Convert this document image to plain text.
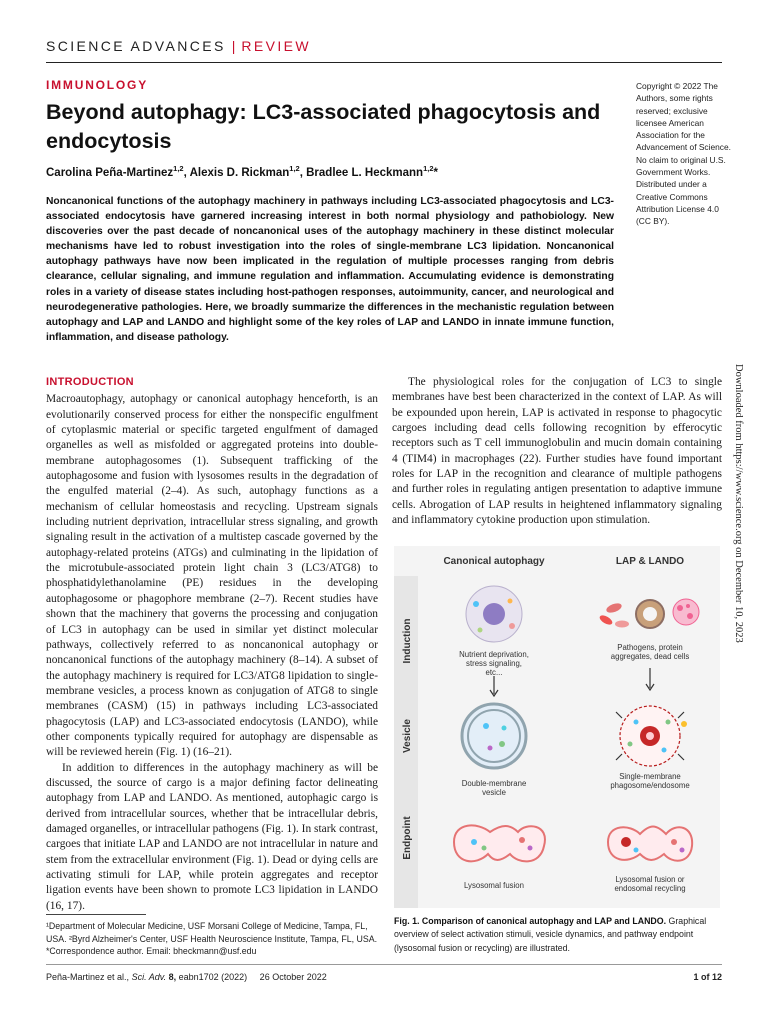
SCIENCE ADVANCES | REVIEW
IMMUNOLOGY
Beyond autophagy: LC3-associated phagocytosis and endocytosis
Carolina Peña-Martinez$^{1,2}$, Alexis D. Rickman$^{1,2}$, Bradlee L. Heckmann$^{1,2}$*
Copyright © 2022 The Authors, some rights reserved; exclusive licensee American Association for the Advancement of Science. No claim to original U.S. Government Works. Distributed under a Creative Commons Attribution License 4.0 (CC BY).
Noncanonical functions of the autophagy machinery in pathways including LC3-associated phagocytosis and LC3-associated endocytosis have garnered increasing interest in both normal physiology and pathobiology. New discoveries over the past decade of noncanonical uses of the autophagy machinery in these distinct molecular mechanisms have led to robust investigation into the roles of single-membrane LC3 lipidation. Noncanonical autophagy pathways have now been implicated in the regulation of multiple processes ranging from debris clearance, cellular signaling, and immune regulation and inflammation. Accumulating evidence is demonstrating roles in a variety of disease states including host-pathogen responses, autoimmunity, cancer, and neurological and neurodegenerative pathologies. Here, we broadly summarize the differences in the mechanistic regulation between autophagy and LAP and LANDO and highlight some of the key roles of LAP and LANDO in innate immune function, inflammation, and disease pathology.
Downloaded from https://www.science.org on December 10, 2023
INTRODUCTION

Macroautophagy, autophagy or canonical autophagy henceforth, is an evolutionarily conserved process for either the nonspecific engulfment of cytoplasmic material or specific targeted engulfment of damaged organelles as well as misfolded or aggregated proteins into double-membrane autophagosomes (1). Subsequent trafficking of the autophagosome and fusion with lysosomes results in the degradation of the engulfed material (2–4). As such, autophagy functions as a mechanism of cellular homeostasis and recycling. Upstream signals including nutrient deprivation, intracellular stress signaling, and growth signaling result in the activation of a multistep cascade governed by the autophagy-related proteins (ATGs) and culminating in the lipidation of the microtubule-associated protein light chain 3 (LC3/ATG8) to phosphatidylethanolamine (PE) residues in the developing autophagosome or phagophore membrane (2–7). Recent studies have shown that the machinery that governs the processing and conjugation of LC3 in autophagy can be used in similar yet distinct molecular pathways, collectively referred to as noncanonical autophagy or noncanonical functions of the autophagy machinery (8–14). A subset of the autophagy machinery is required for LC3/ATG8 lipidation to single-membrane vesicles, a process known as conjugation of ATG8 to single membranes (CASM) (15) in pathways including LC3-associated phagocytosis (LAP) and LC3-associated endocytosis (LANDO), while other components typically required for autophagy are dispensable as will be reviewed herein (Fig. 1) (16–21).

In addition to differences in the autophagy machinery as will be discussed, the source of cargo is a major defining factor delineating autophagy from LAP and LANDO. As mentioned, autophagic cargo is derived from intracellular sources, whether that be intracellular debris, damaged organelles, or intracellular pathogens (Fig. 1). In stark contrast, cargoes that initiate LAP and LANDO are not intracellular in nature and stem from the extracellular environment (Fig. 1). Dead or dying cells are activating stimuli for LAP, while protein aggregates and receptor ligation events have been shown to promote LC3 lipidation in LANDO (16, 17).

The physiological roles for the conjugation of LC3 to single membranes have best been characterized in the context of LAP. As will be expounded upon herein, LAP is activated in response to phagocytic cargoes including dead cells following recognition by efferocytic receptors such as T cell immunoglobulin and mucin domain containing 4 (TIM4) in macrophages (22). Further studies have found important roles for LAP in the recognition and clearance of multiple pathogens and further roles in regulating antigen presentation to adaptive immune cells. Abrogation of LAP results in heightened inflammatory signaling and inflammatory cytokine production upon stimulation.

Canonical autophagy	LAP & LANDO
Induction
Vesicle
Endpoint
Nutrient deprivation, stress signaling, etc...
Double-membrane vesicle
Lysosomal fusion
Pathogens, protein aggregates, dead cells
Single-membrane phagosome/endosome
Lysosomal fusion or endosomal recycling
Fig. 1. Comparison of canonical autophagy and LAP and LANDO. Graphical overview of select activation stimuli, vesicle dynamics, and pathway endpoint (lysosomal fusion or recycling) are illustrated.
¹Department of Molecular Medicine, USF Morsani College of Medicine, Tampa, FL, USA. ²Byrd Alzheimer's Center, USF Health Neuroscience Institute, Tampa, FL, USA.
*Correspondence author. Email: bheckmann@usf.edu
Peña-Martinez et al., Sci. Adv. 8, eabn1702 (2022)     26 October 2022	1 of 12
